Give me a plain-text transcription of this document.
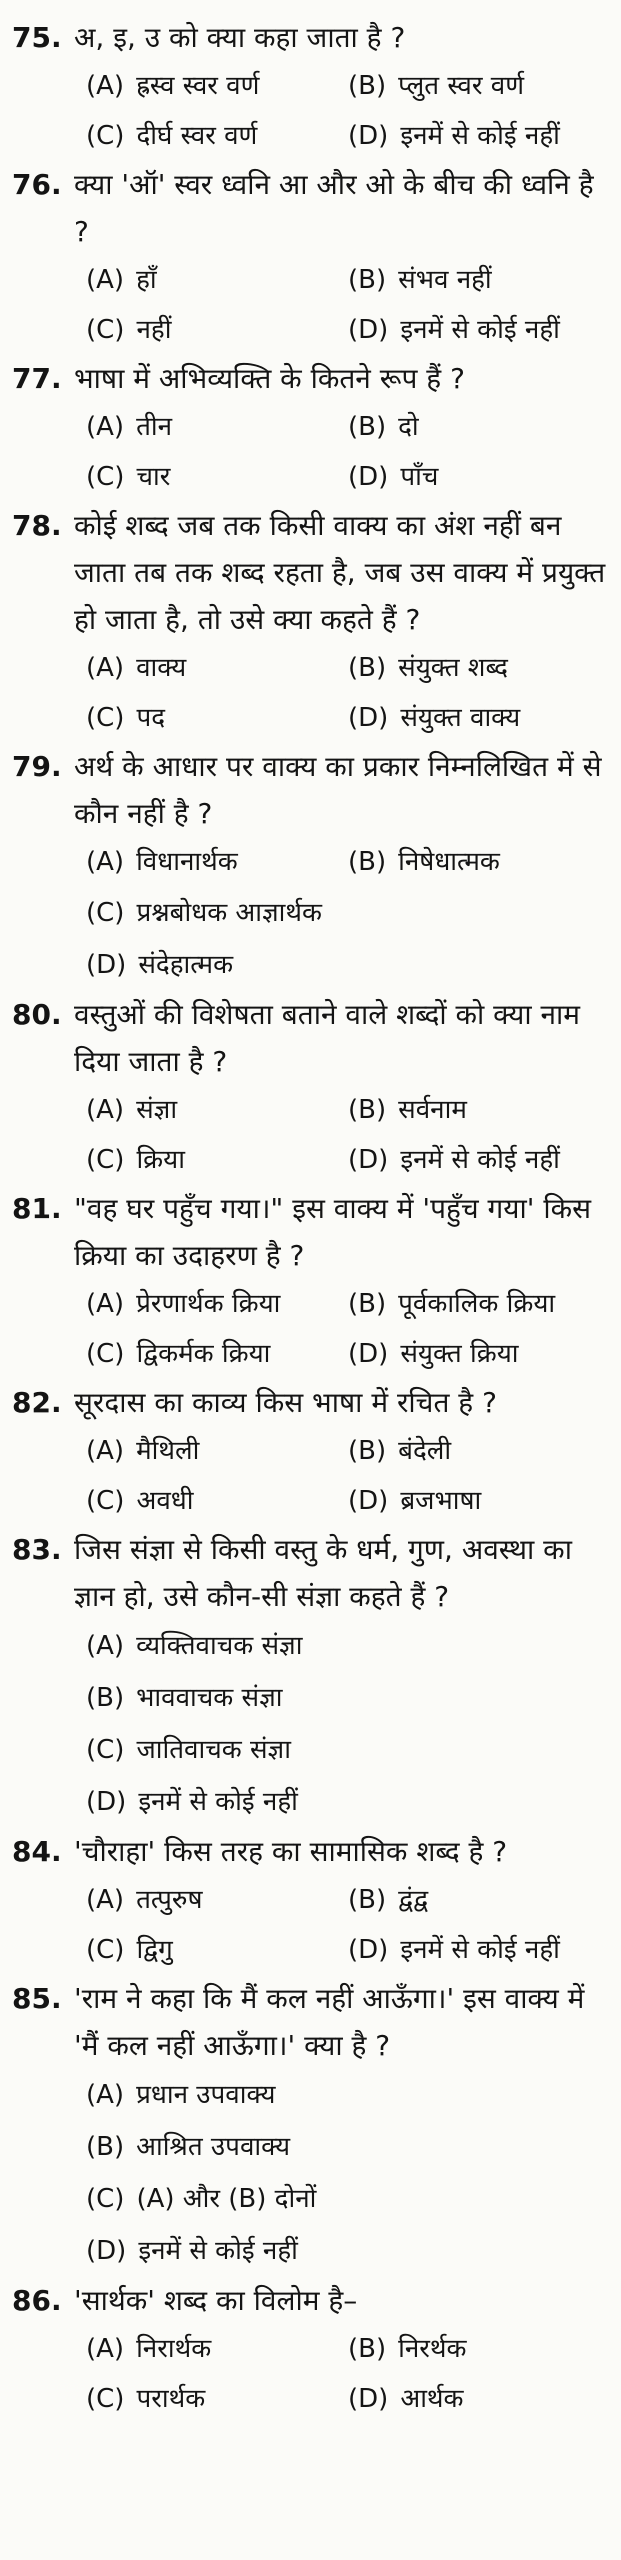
75. अ, इ, उ को क्या कहा जाता है ?
(A) ह्रस्व स्वर वर्ण	(B) प्लुत स्वर वर्ण
(C) दीर्घ स्वर वर्ण	(D) इनमें से कोई नहीं
76. क्या 'ऑ' स्वर ध्वनि आ और ओ के बीच की ध्वनि है ?
(A) हाँ	(B) संभव नहीं
(C) नहीं	(D) इनमें से कोई नहीं
77. भाषा में अभिव्यक्ति के कितने रूप हैं ?
(A) तीन	(B) दो
(C) चार	(D) पाँच
78. कोई शब्द जब तक किसी वाक्य का अंश नहीं बन जाता तब तक शब्द रहता है, जब उस वाक्य में प्रयुक्त हो जाता है, तो उसे क्या कहते हैं ?
(A) वाक्य	(B) संयुक्त शब्द
(C) पद	(D) संयुक्त वाक्य
79. अर्थ के आधार पर वाक्य का प्रकार निम्नलिखित में से कौन नहीं है ?
(A) विधानार्थक	(B) निषेधात्मक
(C) प्रश्नबोधक आज्ञार्थक
(D) संदेहात्मक
80. वस्तुओं की विशेषता बताने वाले शब्दों को क्या नाम दिया जाता है ?
(A) संज्ञा	(B) सर्वनाम
(C) क्रिया	(D) इनमें से कोई नहीं
81. "वह घर पहुँच गया।" इस वाक्य में 'पहुँच गया' किस क्रिया का उदाहरण है ?
(A) प्रेरणार्थक क्रिया	(B) पूर्वकालिक क्रिया
(C) द्विकर्मक क्रिया	(D) संयुक्त क्रिया
82. सूरदास का काव्य किस भाषा में रचित है ?
(A) मैथिली	(B) बंदेली
(C) अवधी	(D) ब्रजभाषा
83. जिस संज्ञा से किसी वस्तु के धर्म, गुण, अवस्था का ज्ञान हो, उसे कौन-सी संज्ञा कहते हैं ?
(A) व्यक्तिवाचक संज्ञा
(B) भाववाचक संज्ञा
(C) जातिवाचक संज्ञा
(D) इनमें से कोई नहीं
84. 'चौराहा' किस तरह का सामासिक शब्द है ?
(A) तत्पुरुष	(B) द्वंद्व
(C) द्विगु	(D) इनमें से कोई नहीं
85. 'राम ने कहा कि मैं कल नहीं आऊँगा।' इस वाक्य में 'मैं कल नहीं आऊँगा।' क्या है ?
(A) प्रधान उपवाक्य
(B) आश्रित उपवाक्य
(C) (A) और (B) दोनों
(D) इनमें से कोई नहीं
86. 'सार्थक' शब्द का विलोम है–
(A) निरार्थक	(B) निरर्थक
(C) परार्थक	(D) आर्थक
